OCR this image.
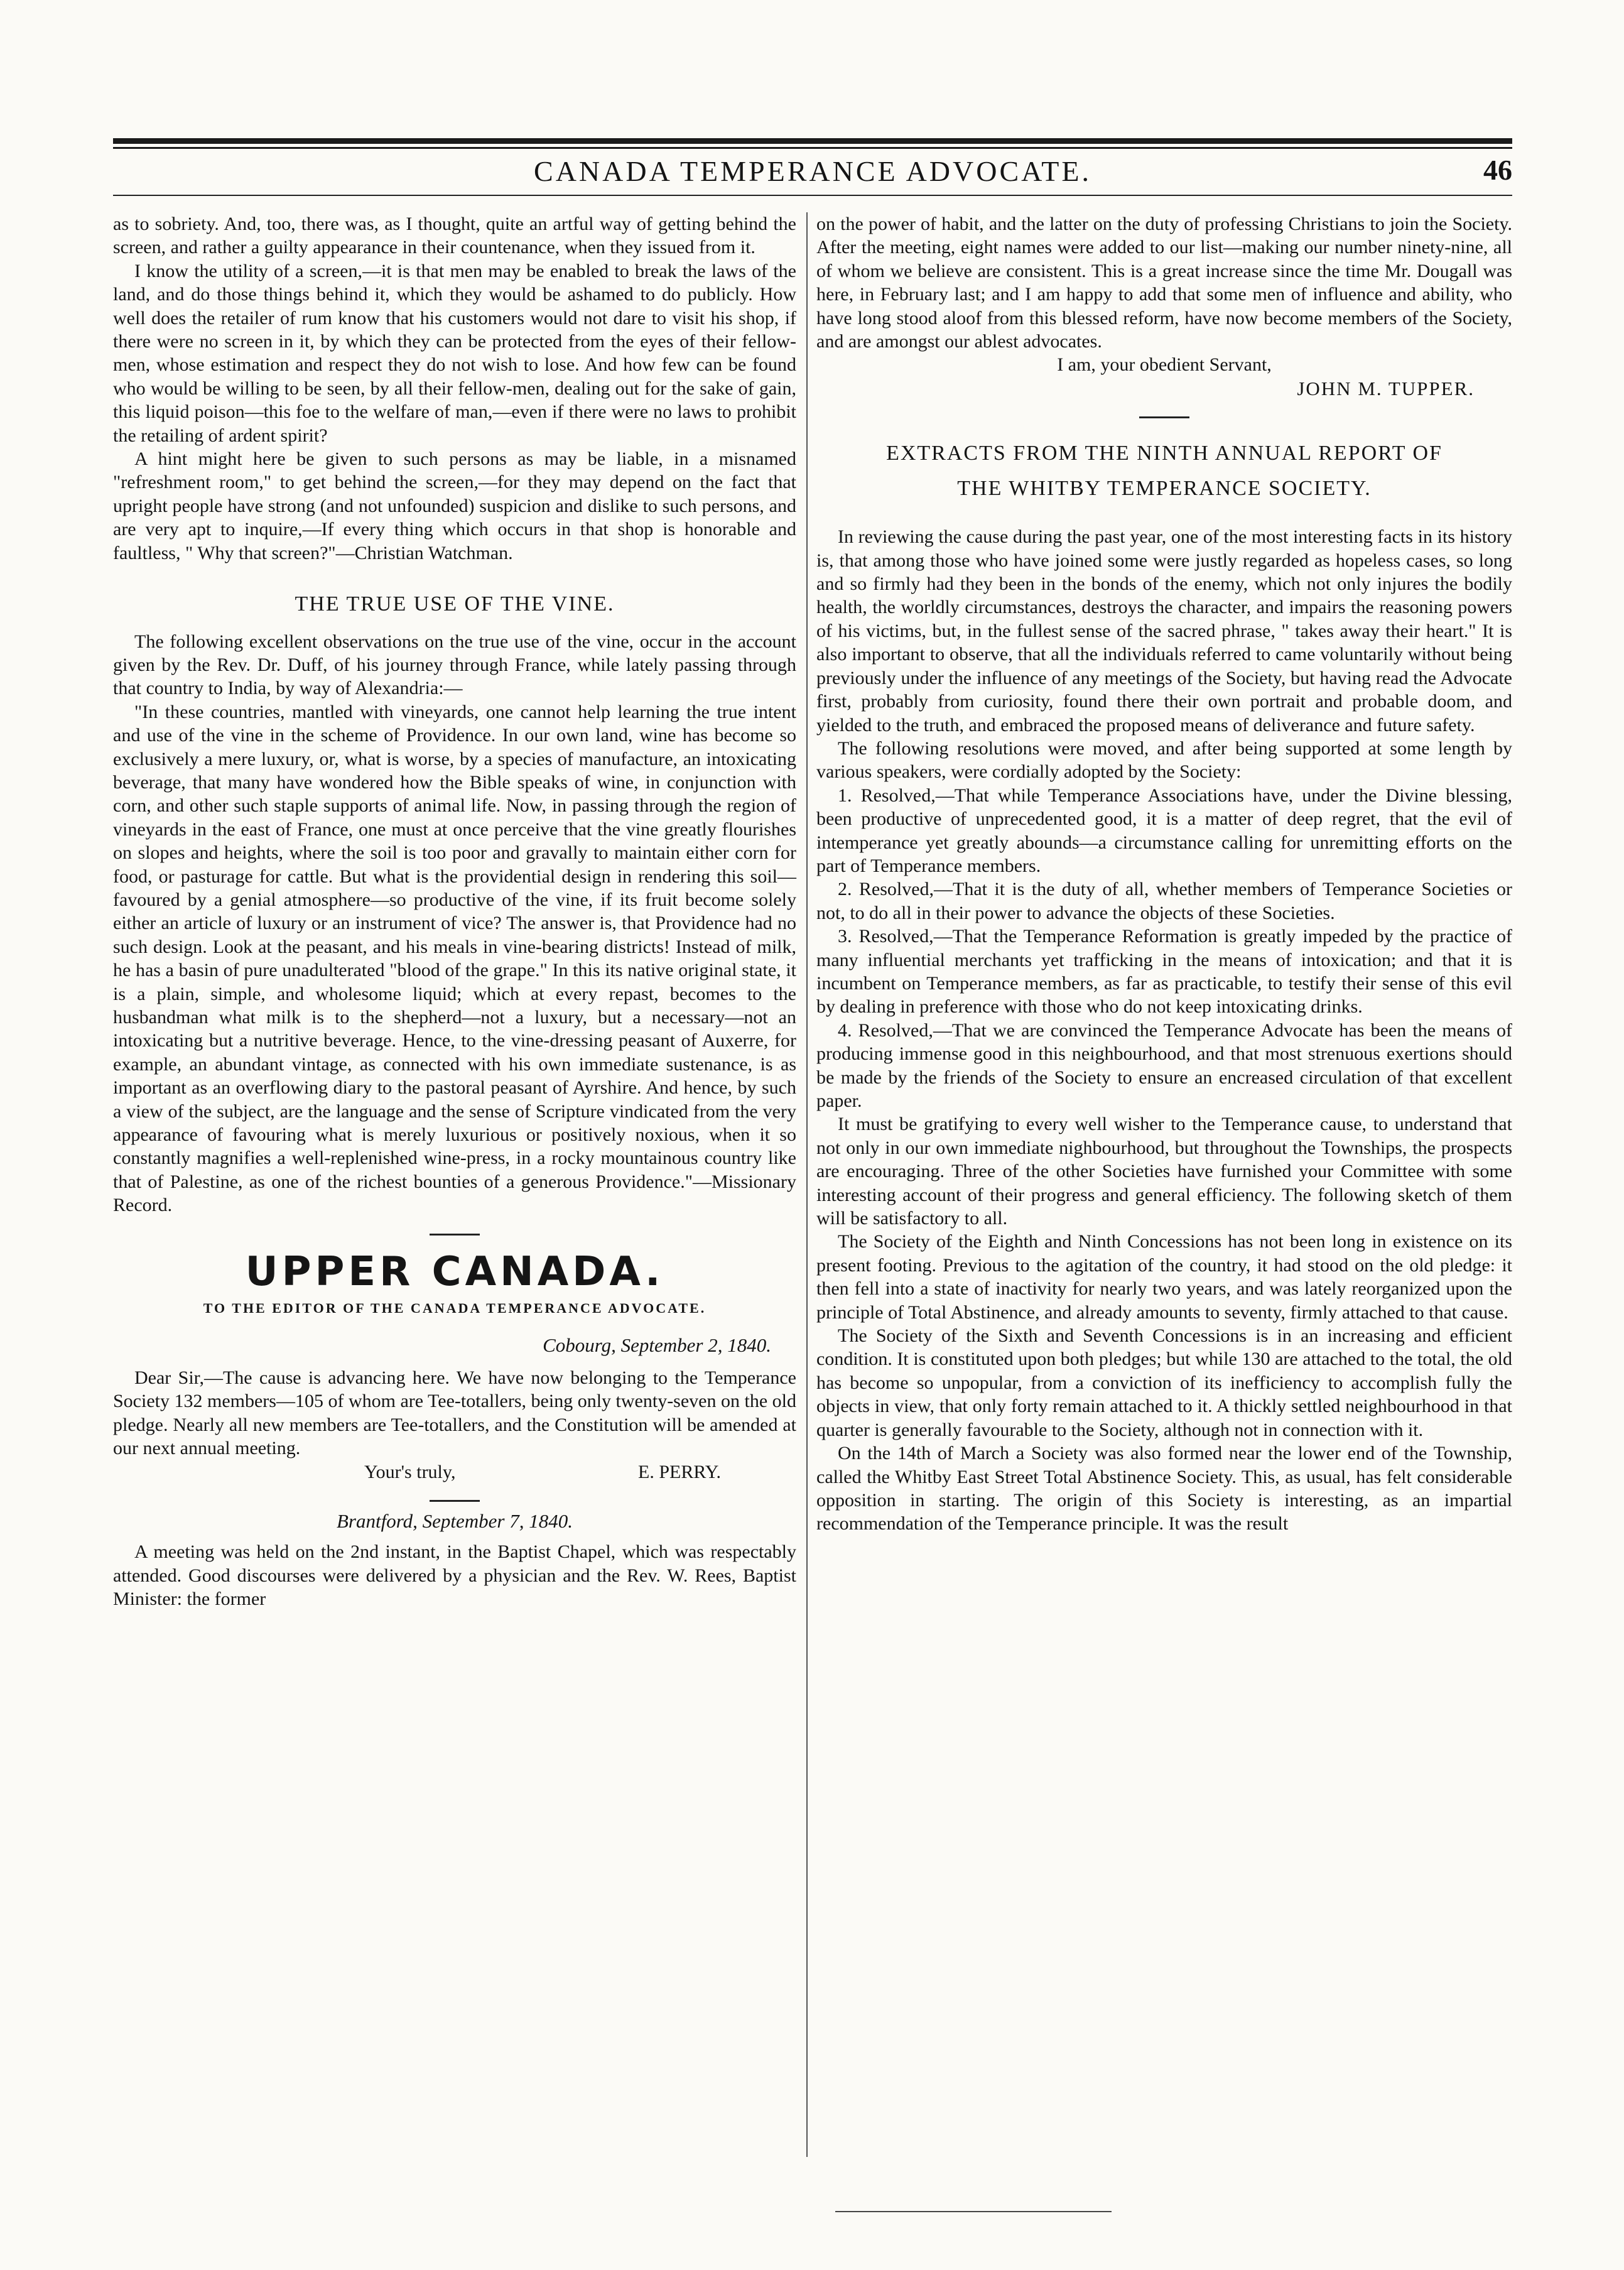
CANADA TEMPERANCE ADVOCATE.	46

as to sobriety. And, too, there was, as I thought, quite an artful way of getting behind the screen, and rather a guilty appearance in their countenance, when they issued from it.

I know the utility of a screen,—it is that men may be enabled to break the laws of the land, and do those things behind it, which they would be ashamed to do publicly. How well does the retailer of rum know that his customers would not dare to visit his shop, if there were no screen in it, by which they can be protected from the eyes of their fellow-men, whose estimation and respect they do not wish to lose. And how few can be found who would be willing to be seen, by all their fellow-men, dealing out for the sake of gain, this liquid poison—this foe to the welfare of man,—even if there were no laws to prohibit the retailing of ardent spirit?

A hint might here be given to such persons as may be liable, in a misnamed "refreshment room," to get behind the screen,—for they may depend on the fact that upright people have strong (and not unfounded) suspicion and dislike to such persons, and are very apt to inquire,—If every thing which occurs in that shop is honorable and faultless, " Why that screen?"—Christian Watchman.

THE TRUE USE OF THE VINE.

The following excellent observations on the true use of the vine, occur in the account given by the Rev. Dr. Duff, of his journey through France, while lately passing through that country to India, by way of Alexandria:—

"In these countries, mantled with vineyards, one cannot help learning the true intent and use of the vine in the scheme of Providence. In our own land, wine has become so exclusively a mere luxury, or, what is worse, by a species of manufacture, an intoxicating beverage, that many have wondered how the Bible speaks of wine, in conjunction with corn, and other such staple supports of animal life. Now, in passing through the region of vineyards in the east of France, one must at once perceive that the vine greatly flourishes on slopes and heights, where the soil is too poor and gravally to maintain either corn for food, or pasturage for cattle. But what is the providential design in rendering this soil—favoured by a genial atmosphere—so productive of the vine, if its fruit become solely either an article of luxury or an instrument of vice? The answer is, that Providence had no such design. Look at the peasant, and his meals in vine-bearing districts! Instead of milk, he has a basin of pure unadulterated "blood of the grape." In this its native original state, it is a plain, simple, and wholesome liquid; which at every repast, becomes to the husbandman what milk is to the shepherd—not a luxury, but a necessary—not an intoxicating but a nutritive beverage. Hence, to the vine-dressing peasant of Auxerre, for example, an abundant vintage, as connected with his own immediate sustenance, is as important as an overflowing diary to the pastoral peasant of Ayrshire. And hence, by such a view of the subject, are the language and the sense of Scripture vindicated from the very appearance of favouring what is merely luxurious or positively noxious, when it so constantly magnifies a well-replenished wine-press, in a rocky mountainous country like that of Palestine, as one of the richest bounties of a generous Providence."—Missionary Record.

UPPER CANADA.

TO THE EDITOR OF THE CANADA TEMPERANCE ADVOCATE.

Cobourg, September 2, 1840.

Dear Sir,—The cause is advancing here. We have now belonging to the Temperance Society 132 members—105 of whom are Tee-totallers, being only twenty-seven on the old pledge. Nearly all new members are Tee-totallers, and the Constitution will be amended at our next annual meeting.

Your's truly,	E. PERRY.

Brantford, September 7, 1840.

A meeting was held on the 2nd instant, in the Baptist Chapel, which was respectably attended. Good discourses were delivered by a physician and the Rev. W. Rees, Baptist Minister: the former

on the power of habit, and the latter on the duty of professing Christians to join the Society. After the meeting, eight names were added to our list—making our number ninety-nine, all of whom we believe are consistent. This is a great increase since the time Mr. Dougall was here, in February last; and I am happy to add that some men of influence and ability, who have long stood aloof from this blessed reform, have now become members of the Society, and are amongst our ablest advocates.

I am, your obedient Servant,

JOHN M. TUPPER.

EXTRACTS FROM THE NINTH ANNUAL REPORT OF
THE WHITBY TEMPERANCE SOCIETY.

In reviewing the cause during the past year, one of the most interesting facts in its history is, that among those who have joined some were justly regarded as hopeless cases, so long and so firmly had they been in the bonds of the enemy, which not only injures the bodily health, the worldly circumstances, destroys the character, and impairs the reasoning powers of his victims, but, in the fullest sense of the sacred phrase, " takes away their heart." It is also important to observe, that all the individuals referred to came voluntarily without being previously under the influence of any meetings of the Society, but having read the Advocate first, probably from curiosity, found there their own portrait and probable doom, and yielded to the truth, and embraced the proposed means of deliverance and future safety.

The following resolutions were moved, and after being supported at some length by various speakers, were cordially adopted by the Society:

1. Resolved,—That while Temperance Associations have, under the Divine blessing, been productive of unprecedented good, it is a matter of deep regret, that the evil of intemperance yet greatly abounds—a circumstance calling for unremitting efforts on the part of Temperance members.

2. Resolved,—That it is the duty of all, whether members of Temperance Societies or not, to do all in their power to advance the objects of these Societies.

3. Resolved,—That the Temperance Reformation is greatly impeded by the practice of many influential merchants yet trafficking in the means of intoxication; and that it is incumbent on Temperance members, as far as practicable, to testify their sense of this evil by dealing in preference with those who do not keep intoxicating drinks.

4. Resolved,—That we are convinced the Temperance Advocate has been the means of producing immense good in this neighbourhood, and that most strenuous exertions should be made by the friends of the Society to ensure an encreased circulation of that excellent paper.

It must be gratifying to every well wisher to the Temperance cause, to understand that not only in our own immediate nighbourhood, but throughout the Townships, the prospects are encouraging. Three of the other Societies have furnished your Committee with some interesting account of their progress and general efficiency. The following sketch of them will be satisfactory to all.

The Society of the Eighth and Ninth Concessions has not been long in existence on its present footing. Previous to the agitation of the country, it had stood on the old pledge: it then fell into a state of inactivity for nearly two years, and was lately reorganized upon the principle of Total Abstinence, and already amounts to seventy, firmly attached to that cause.

The Society of the Sixth and Seventh Concessions is in an increasing and efficient condition. It is constituted upon both pledges; but while 130 are attached to the total, the old has become so unpopular, from a conviction of its inefficiency to accomplish fully the objects in view, that only forty remain attached to it. A thickly settled neighbourhood in that quarter is generally favourable to the Society, although not in connection with it.

On the 14th of March a Society was also formed near the lower end of the Township, called the Whitby East Street Total Abstinence Society. This, as usual, has felt considerable opposition in starting. The origin of this Society is interesting, as an impartial recommendation of the Temperance principle. It was the result
